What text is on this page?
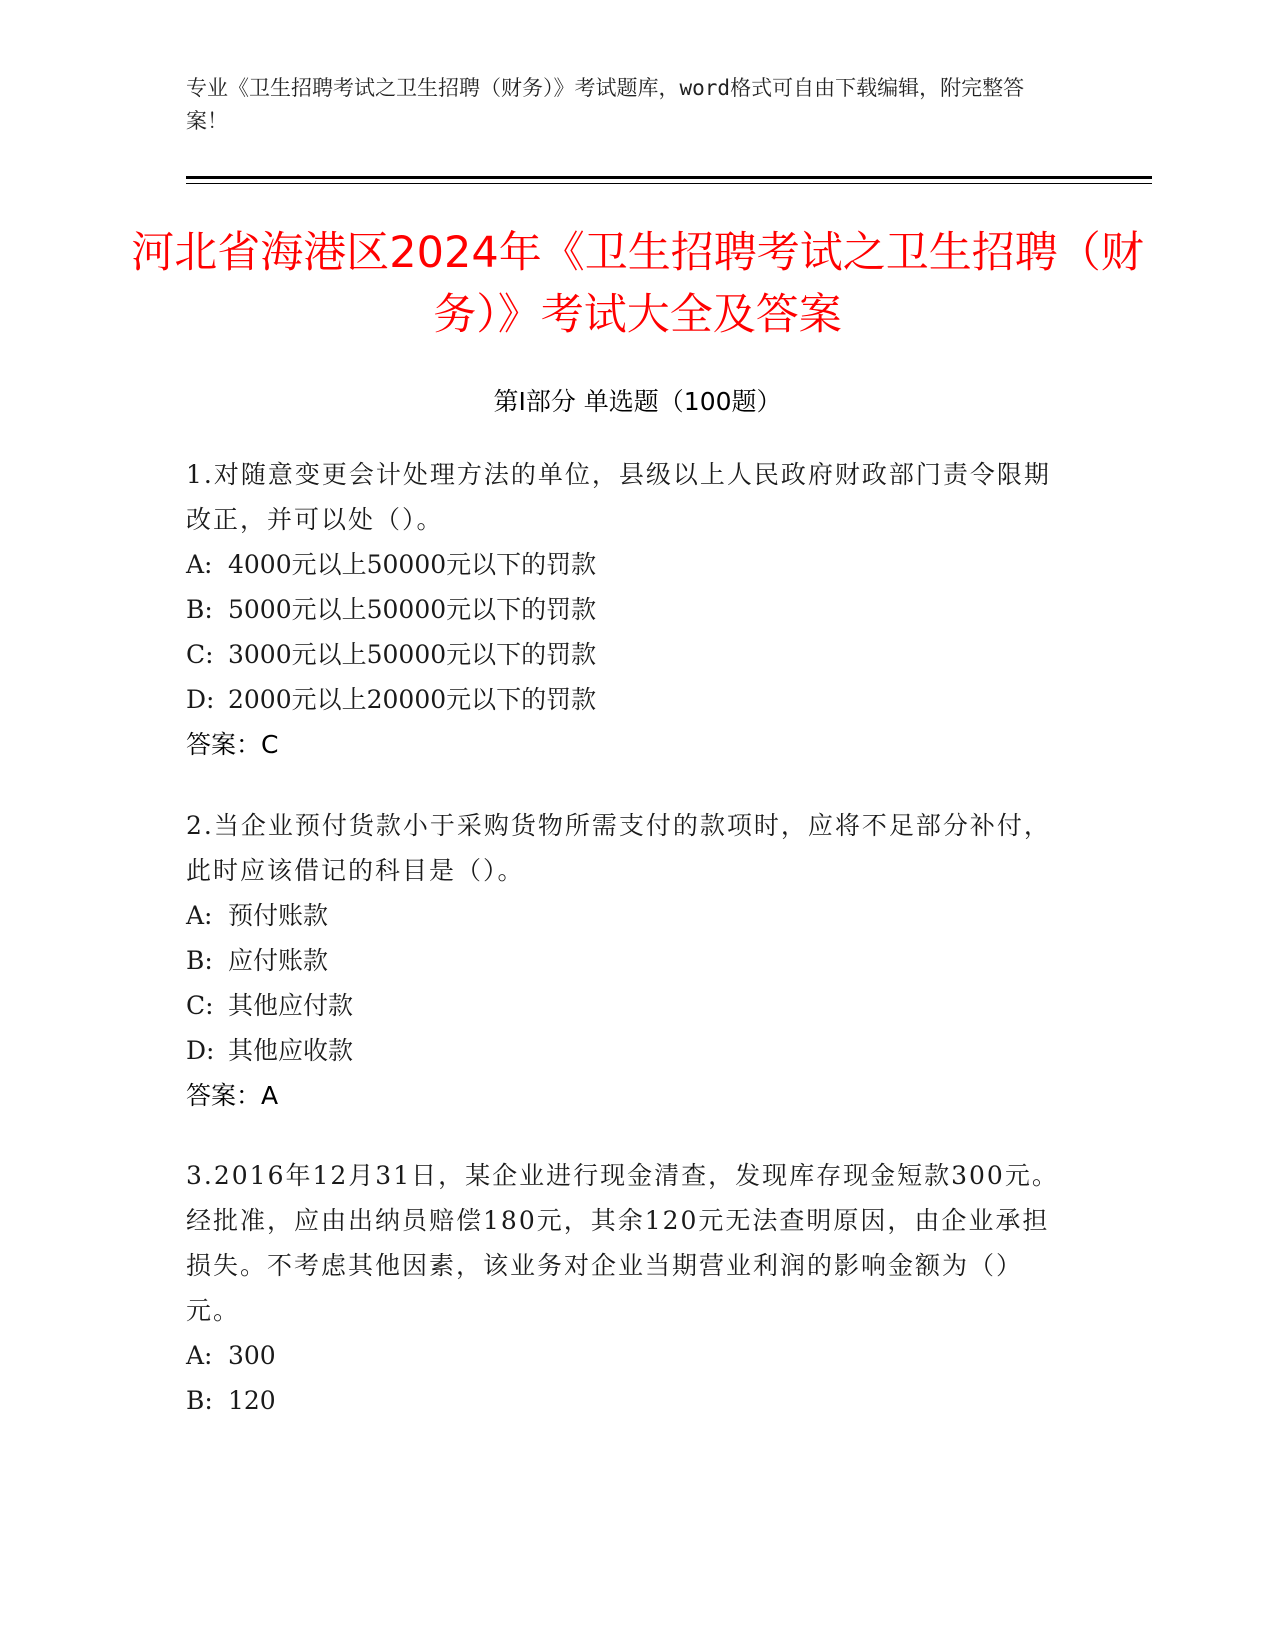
专业《卫生招聘考试之卫生招聘（财务）》考试题库，word格式可自由下载编辑，附完整答案！
河北省海港区2024年《卫生招聘考试之卫生招聘（财务）》考试大全及答案
第Ⅰ部分 单选题（100题）
1.对随意变更会计处理方法的单位，县级以上人民政府财政部门责令限期改正，并可以处（）。
A: 4000元以上50000元以下的罚款
B: 5000元以上50000元以下的罚款
C: 3000元以上50000元以下的罚款
D: 2000元以上20000元以下的罚款
答案：C
2.当企业预付货款小于采购货物所需支付的款项时，应将不足部分补付，此时应该借记的科目是（）。
A: 预付账款
B: 应付账款
C: 其他应付款
D: 其他应收款
答案：A
3.2016年12月31日，某企业进行现金清查，发现库存现金短款300元。经批准，应由出纳员赔偿180元，其余120元无法查明原因，由企业承担损失。不考虑其他因素，该业务对企业当期营业利润的影响金额为（）元。
A: 300
B: 120
